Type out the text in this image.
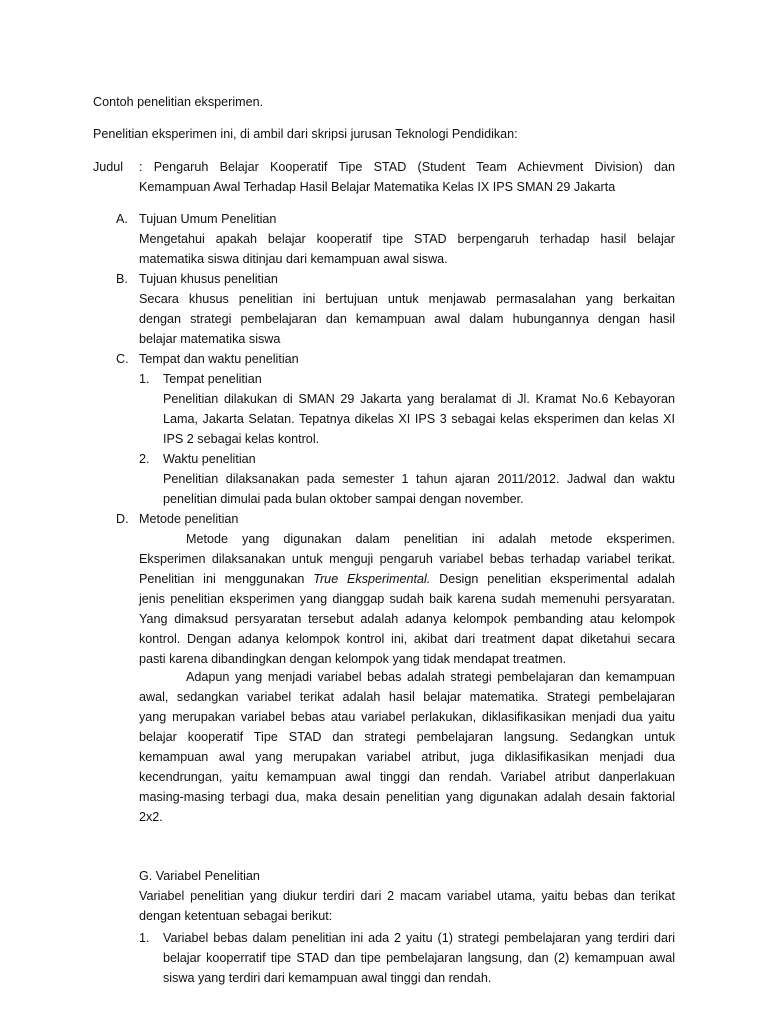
Contoh penelitian eksperimen.
Penelitian eksperimen ini, di ambil dari skripsi jurusan Teknologi Pendidikan:
Judul : Pengaruh Belajar Kooperatif Tipe STAD (Student Team Achievment Division) dan
Kemampuan Awal Terhadap Hasil Belajar Matematika Kelas IX IPS SMAN 29 Jakarta
A. Tujuan Umum Penelitian
Mengetahui apakah belajar kooperatif tipe STAD berpengaruh terhadap hasil belajar
matematika siswa ditinjau dari kemampuan awal siswa.
B. Tujuan khusus penelitian
Secara khusus penelitian ini bertujuan untuk menjawab permasalahan yang berkaitan
dengan strategi pembelajaran dan kemampuan awal dalam hubungannya dengan hasil
belajar matematika siswa
C. Tempat dan waktu penelitian
1. Tempat penelitian
Penelitian dilakukan di SMAN 29 Jakarta yang beralamat di Jl. Kramat No.6 Kebayoran
Lama, Jakarta Selatan. Tepatnya dikelas XI IPS 3 sebagai kelas eksperimen dan kelas XI
IPS 2 sebagai kelas kontrol.
2. Waktu penelitian
Penelitian dilaksanakan pada semester 1 tahun ajaran 2011/2012. Jadwal dan waktu
penelitian dimulai pada bulan oktober sampai dengan november.
D. Metode penelitian
Metode yang digunakan dalam penelitian ini adalah metode eksperimen.
Eksperimen dilaksanakan untuk menguji pengaruh variabel bebas terhadap variabel terikat.
Penelitian ini menggunakan True Eksperimental. Design penelitian eksperimental adalah
jenis penelitian eksperimen yang dianggap sudah baik karena sudah memenuhi persyaratan.
Yang dimaksud persyaratan tersebut adalah adanya kelompok pembanding atau kelompok
kontrol. Dengan adanya kelompok kontrol ini, akibat dari treatment dapat diketahui secara
pasti karena dibandingkan dengan kelompok yang tidak mendapat treatmen.
Adapun yang menjadi variabel bebas adalah strategi pembelajaran dan kemampuan
awal, sedangkan variabel terikat adalah hasil belajar matematika. Strategi pembelajaran
yang merupakan variabel bebas atau variabel perlakukan, diklasifikasikan menjadi dua yaitu
belajar kooperatif Tipe STAD dan strategi pembelajaran langsung. Sedangkan untuk
kemampuan awal yang merupakan variabel atribut, juga diklasifikasikan menjadi dua
kecendrungan, yaitu kemampuan awal tinggi dan rendah. Variabel atribut danperlakuan
masing-masing terbagi dua, maka desain penelitian yang digunakan adalah desain faktorial
2x2.
G. Variabel Penelitian
Variabel penelitian yang diukur terdiri dari 2 macam variabel utama, yaitu bebas dan terikat
dengan ketentuan sebagai berikut:
1. Variabel bebas dalam penelitian ini ada 2 yaitu (1) strategi pembelajaran yang terdiri dari
belajar kooperratif tipe STAD dan tipe pembelajaran langsung, dan (2) kemampuan awal
siswa yang terdiri dari kemampuan awal tinggi dan rendah.
